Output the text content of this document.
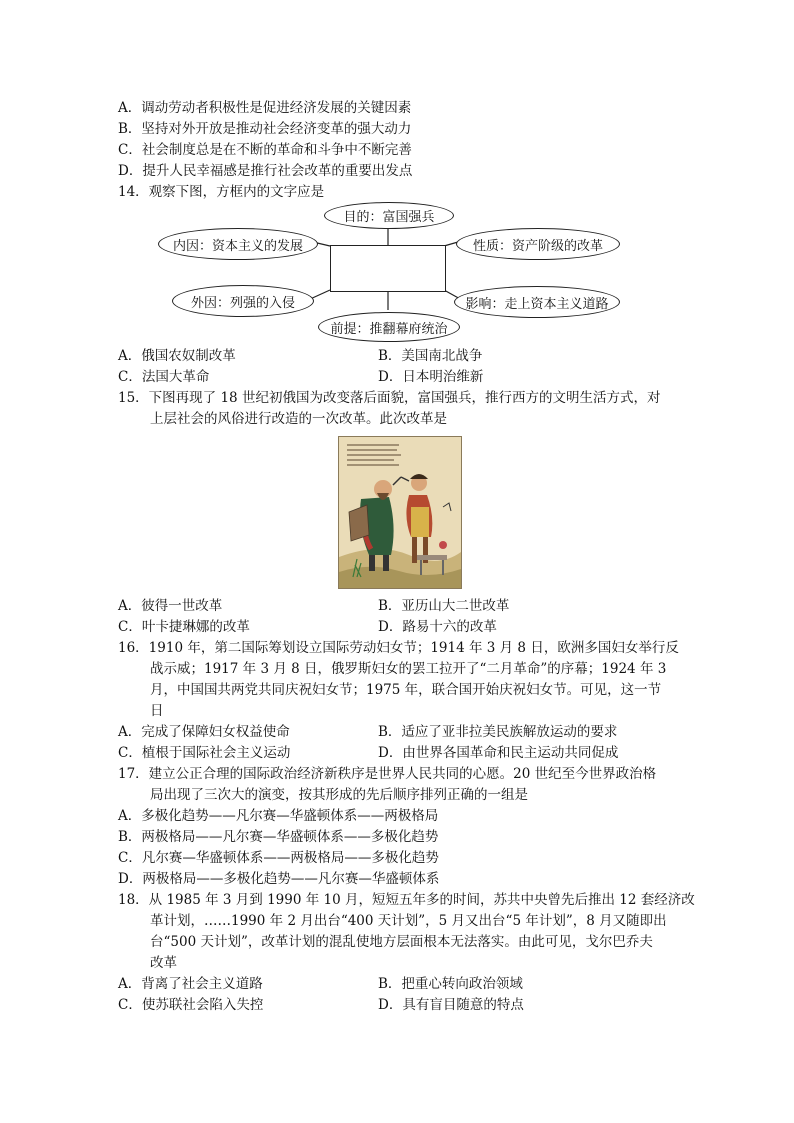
A．调动劳动者积极性是促进经济发展的关键因素
B．坚持对外开放是推动社会经济变革的强大动力
C．社会制度总是在不断的革命和斗争中不断完善
D．提升人民幸福感是推行社会改革的重要出发点
14．观察下图，方框内的文字应是
目的：富国强兵
内因：资本主义的发展	性质：资产阶级的改革
外因：列强的入侵	影响：走上资本主义道路
前提：推翻幕府统治
A．俄国农奴制改革	B．美国南北战争
C．法国大革命	D．日本明治维新
15．下图再现了 18 世纪初俄国为改变落后面貌，富国强兵，推行西方的文明生活方式，对
上层社会的风俗进行改造的一次改革。此次改革是
A．彼得一世改革	B．亚历山大二世改革
C．叶卡捷琳娜的改革	D．路易十六的改革
16．1910 年，第二国际筹划设立国际劳动妇女节；1914 年 3 月 8 日，欧洲多国妇女举行反
战示威；1917 年 3 月 8 日，俄罗斯妇女的罢工拉开了“二月革命”的序幕；1924 年 3
月，中国国共两党共同庆祝妇女节；1975 年，联合国开始庆祝妇女节。可见，这一节
日
A．完成了保障妇女权益使命	B．适应了亚非拉美民族解放运动的要求
C．植根于国际社会主义运动	D．由世界各国革命和民主运动共同促成
17．建立公正合理的国际政治经济新秩序是世界人民共同的心愿。20 世纪至今世界政治格
局出现了三次大的演变，按其形成的先后顺序排列正确的一组是
A．多极化趋势——凡尔赛—华盛顿体系——两极格局
B．两极格局——凡尔赛—华盛顿体系——多极化趋势
C．凡尔赛—华盛顿体系——两极格局——多极化趋势
D．两极格局——多极化趋势——凡尔赛—华盛顿体系
18．从 1985 年 3 月到 1990 年 10 月，短短五年多的时间，苏共中央曾先后推出 12 套经济改
革计划，……1990 年 2 月出台“400 天计划”，5 月又出台“5 年计划”，8 月又随即出
台“500 天计划”，改革计划的混乱使地方层面根本无法落实。由此可见，戈尔巴乔夫
改革
A．背离了社会主义道路	B．把重心转向政治领域
C．使苏联社会陷入失控	D．具有盲目随意的特点
